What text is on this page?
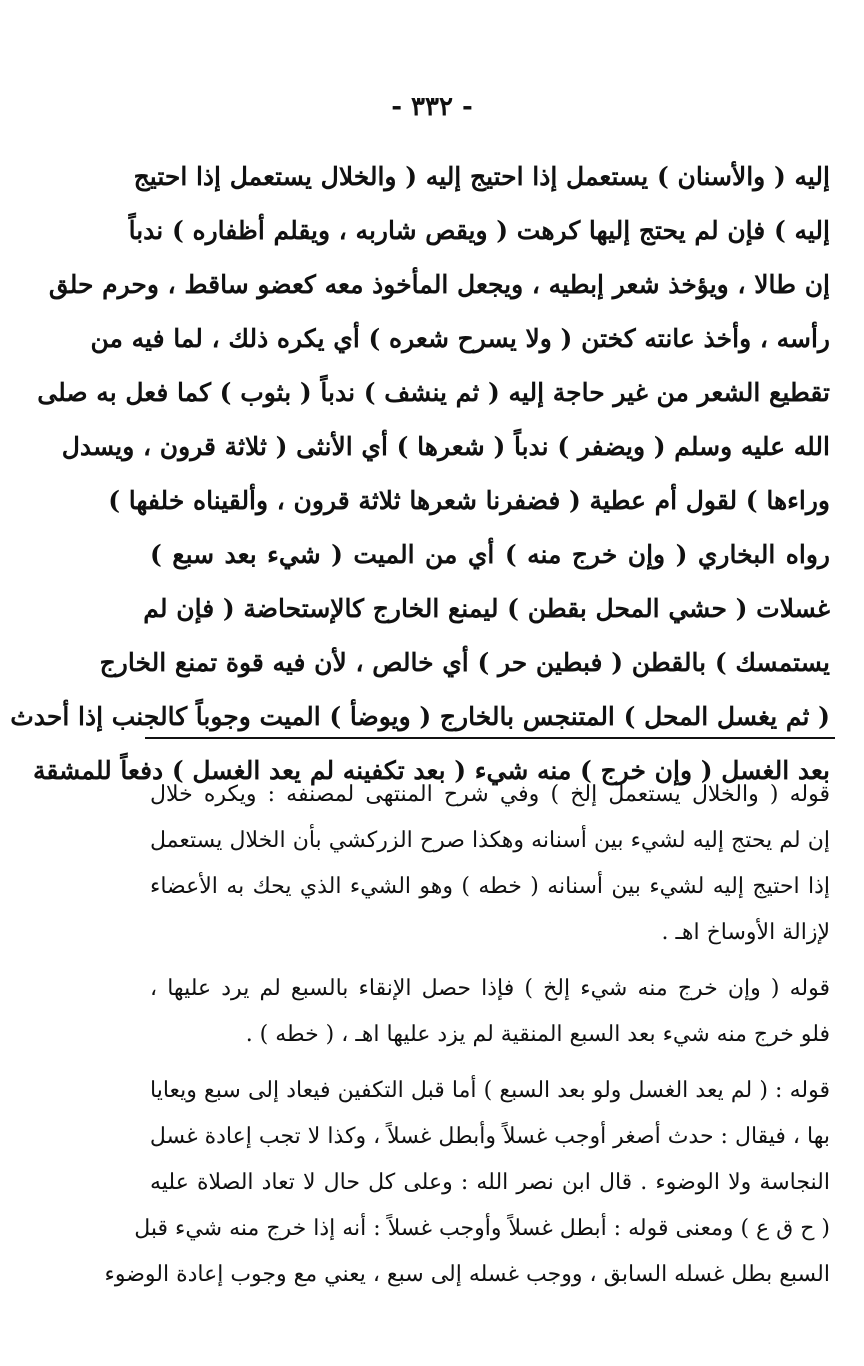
- ٣٣٢ -
إليه ( والأسنان ) يستعمل إذا احتيج إليه ( والخلال يستعمل إذا احتيج
إليه ) فإن لم يحتج إليها كرهت ( ويقص شاربه ، ويقلم أظفاره ) ندباً
إن طالا ، ويؤخذ شعر إبطيه ، ويجعل المأخوذ معه كعضو ساقط ، وحرم حلق
رأسه ، وأخذ عانته كختن ( ولا يسرح شعره ) أي يكره ذلك ، لما فيه من
تقطيع الشعر من غير حاجة إليه ( ثم ينشف ) ندباً ( بثوب ) كما فعل به صلى
الله عليه وسلم ( ويضفر ) ندباً ( شعرها ) أي الأنثى ( ثلاثة قرون ، ويسدل
وراءها ) لقول أم عطية ( فضفرنا شعرها ثلاثة قرون ، وألقيناه خلفها )
رواه البخاري ( وإن خرج منه ) أي من الميت ( شيء بعد سبع )
غسلات ( حشي المحل بقطن ) ليمنع الخارج كالإستحاضة ( فإن لم
يستمسك ) بالقطن ( فبطين حر ) أي خالص ، لأن فيه قوة تمنع الخارج
( ثم يغسل المحل ) المتنجس بالخارج ( ويوضأ ) الميت وجوباً كالجنب إذا أحدث
بعد الغسل ( وإن خرج ) منه شيء ( بعد تكفينه لم يعد الغسل ) دفعاً للمشقة
قوله ( والخلال يستعمل إلخ ) وفي شرح المنتهى لمصنفه : ويكره خلال
إن لم يحتج إليه لشيء بين أسنانه وهكذا صرح الزركشي بأن الخلال يستعمل
إذا احتيج إليه لشيء بين أسنانه ( خطه ) وهو الشيء الذي يحك به الأعضاء
لإزالة الأوساخ اهـ .
قوله ( وإن خرج منه شيء إلخ ) فإذا حصل الإنقاء بالسبع لم يرد عليها ،
فلو خرج منه شيء بعد السبع المنقية لم يزد عليها اهـ ، ( خطه ) .
قوله : ( لم يعد الغسل ولو بعد السبع ) أما قبل التكفين فيعاد إلى سبع ويعايا
بها ، فيقال : حدث أصغر أوجب غسلاً وأبطل غسلاً ، وكذا لا تجب إعادة غسل
النجاسة ولا الوضوء . قال ابن نصر الله : وعلى كل حال لا تعاد الصلاة عليه
( ح ق ع ) ومعنى قوله : أبطل غسلاً وأوجب غسلاً : أنه إذا خرج منه شيء قبل
السبع بطل غسله السابق ، ووجب غسله إلى سبع ، يعني مع وجوب إعادة الوضوء
